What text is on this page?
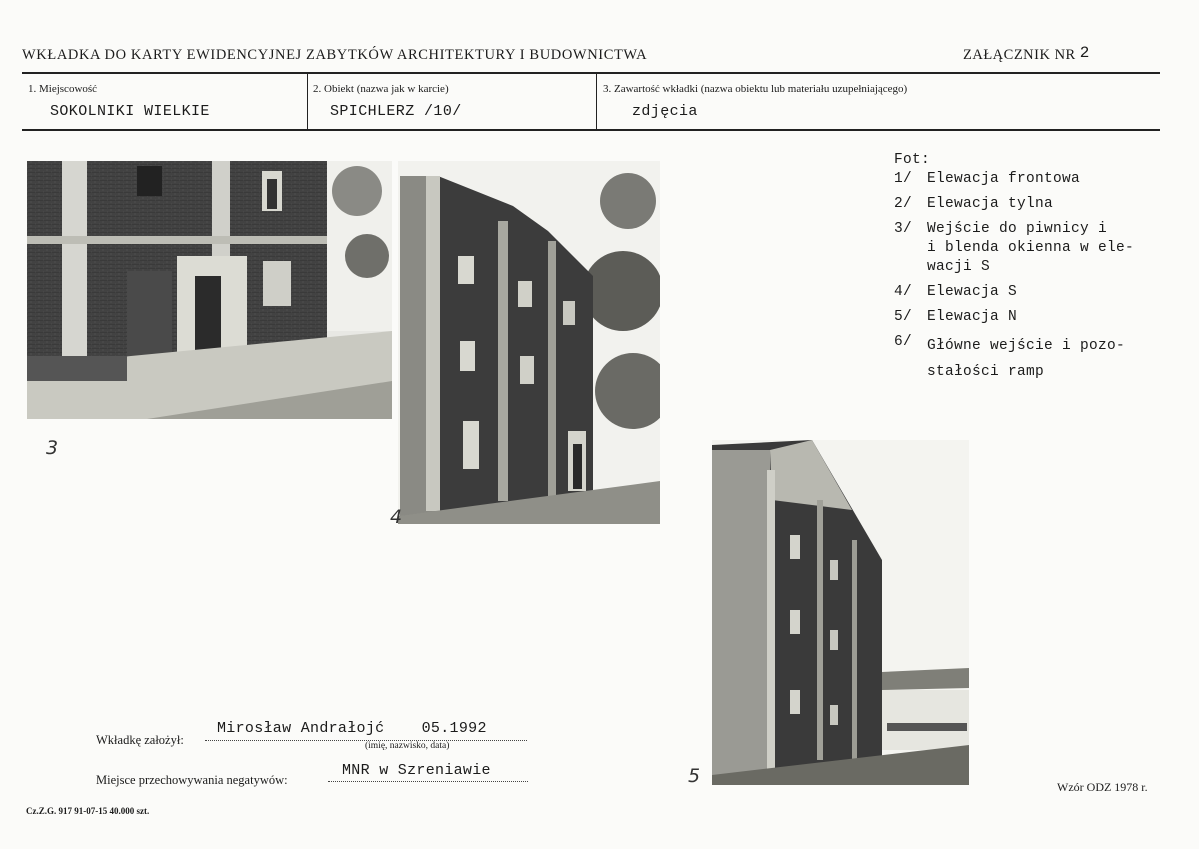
WKŁADKA DO KARTY EWIDENCYJNEJ ZABYTKÓW ARCHITEKTURY I BUDOWNICTWA	ZAŁĄCZNIK NR 2
1. Miejscowość
SOKOLNIKI WIELKIE
2. Obiekt (nazwa jak w karcie)
SPICHLERZ /10/
3. Zawartość wkładki (nazwa obiektu lub materiału uzupełniającego)
zdjęcia
3
4
5
Fot:
1/	Elewacja frontowa
2/	Elewacja tylna
3/	Wejście do piwnicy i
i blenda okienna w ele-
wacji S
4/	Elewacja S
5/	Elewacja N
6/	Główne wejście i pozo-
stałości ramp
Wkładkę założył:
Mirosław Andrałojć    05.1992
(imię, nazwisko, data)
Miejsce przechowywania negatywów:
MNR w Szreniawie
Cz.Z.G. 917 91-07-15 40.000 szt.
Wzór ODZ 1978 r.
